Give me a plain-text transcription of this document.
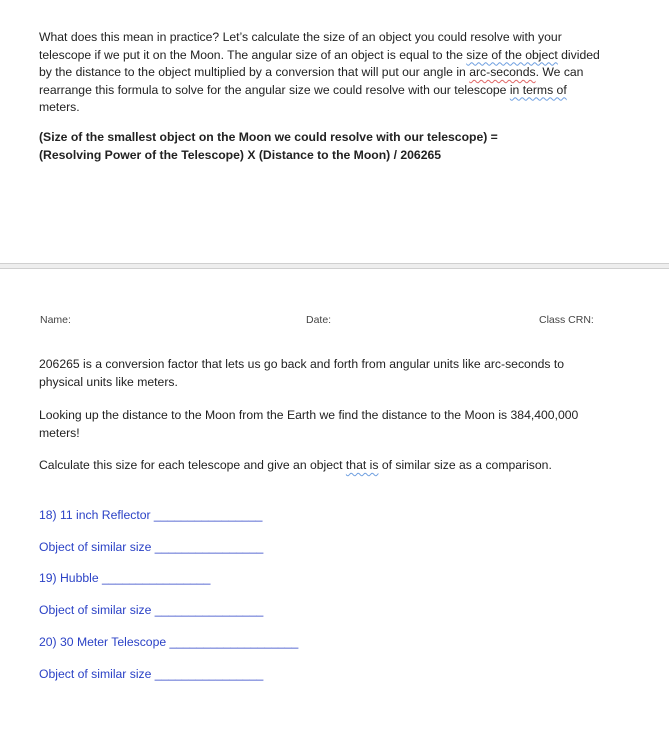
What does this mean in practice? Let’s calculate the size of an object you could resolve with your telescope if we put it on the Moon. The angular size of an object is equal to the size of the object divided by the distance to the object multiplied by a conversion that will put our angle in arc-seconds. We can rearrange this formula to solve for the angular size we could resolve with our telescope in terms of meters.

(Size of the smallest object on the Moon we could resolve with our telescope) =

(Resolving Power of the Telescope) X (Distance to the Moon) / 206265

Name:	Date:	Class CRN:

206265 is a conversion factor that lets us go back and forth from angular units like arc-seconds to physical units like meters.

Looking up the distance to the Moon from the Earth we find the distance to the Moon is 384,400,000 meters!

Calculate this size for each telescope and give an object that is of similar size as a comparison.

18) 11 inch Reflector ________________
Object of similar size ________________
19) Hubble ________________
Object of similar size ________________
20) 30 Meter Telescope ___________________
Object of similar size ________________
